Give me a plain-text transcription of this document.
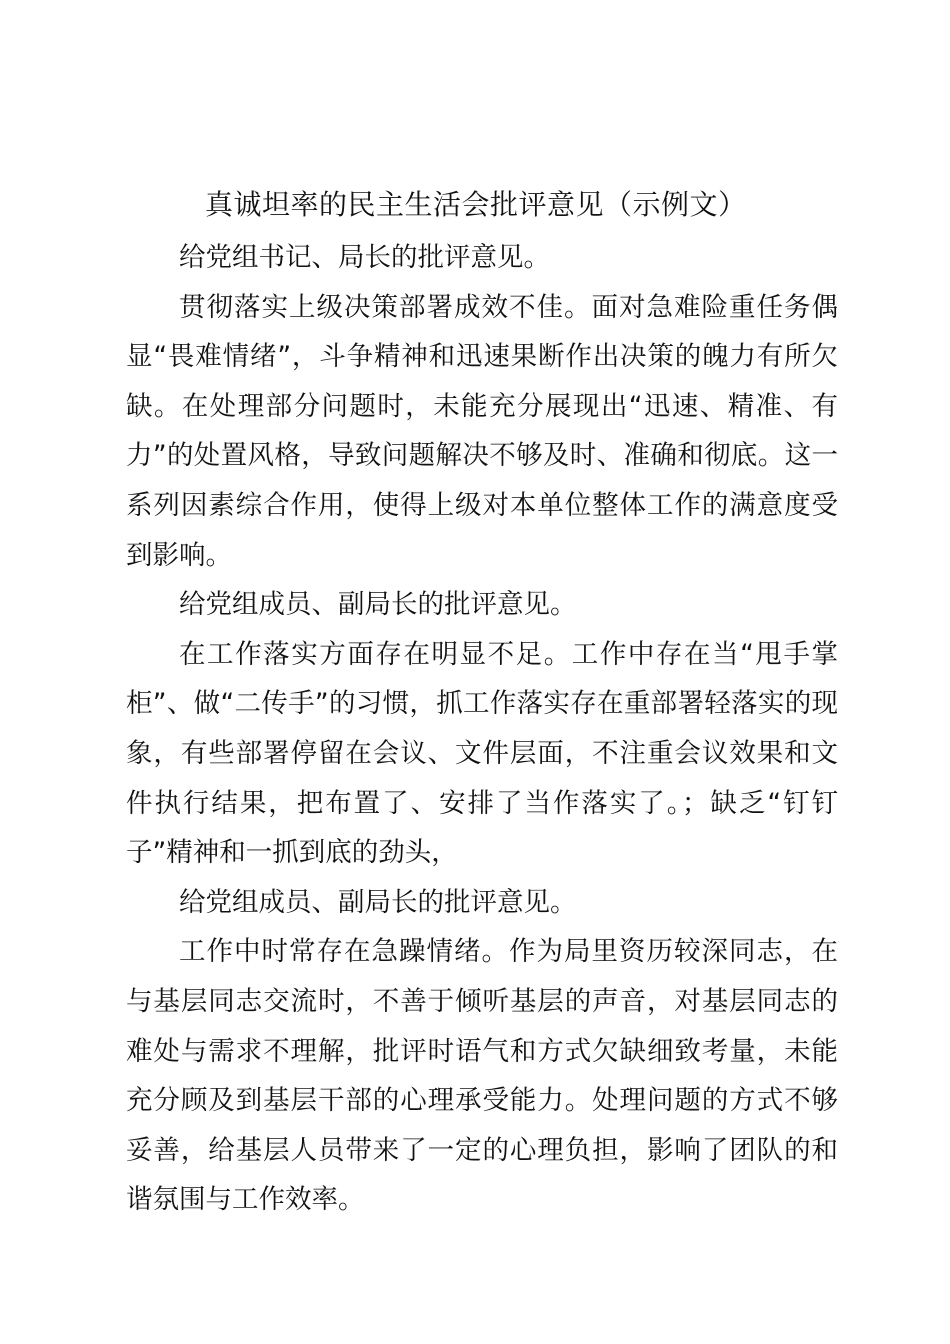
真诚坦率的民主生活会批评意见（示例文）

给党组书记、局长的批评意见。

贯彻落实上级决策部署成效不佳。面对急难险重任务偶显“畏难情绪”，斗争精神和迅速果断作出决策的魄力有所欠缺。在处理部分问题时，未能充分展现出“迅速、精准、有力”的处置风格，导致问题解决不够及时、准确和彻底。这一系列因素综合作用，使得上级对本单位整体工作的满意度受到影响。

给党组成员、副局长的批评意见。

在工作落实方面存在明显不足。工作中存在当“甩手掌柜”、做“二传手”的习惯，抓工作落实存在重部署轻落实的现象，有些部署停留在会议、文件层面，不注重会议效果和文件执行结果，把布置了、安排了当作落实了。；缺乏“钉钉子”精神和一抓到底的劲头，

给党组成员、副局长的批评意见。

工作中时常存在急躁情绪。作为局里资历较深同志，在与基层同志交流时，不善于倾听基层的声音，对基层同志的难处与需求不理解，批评时语气和方式欠缺细致考量，未能充分顾及到基层干部的心理承受能力。处理问题的方式不够妥善，给基层人员带来了一定的心理负担，影响了团队的和谐氛围与工作效率。
